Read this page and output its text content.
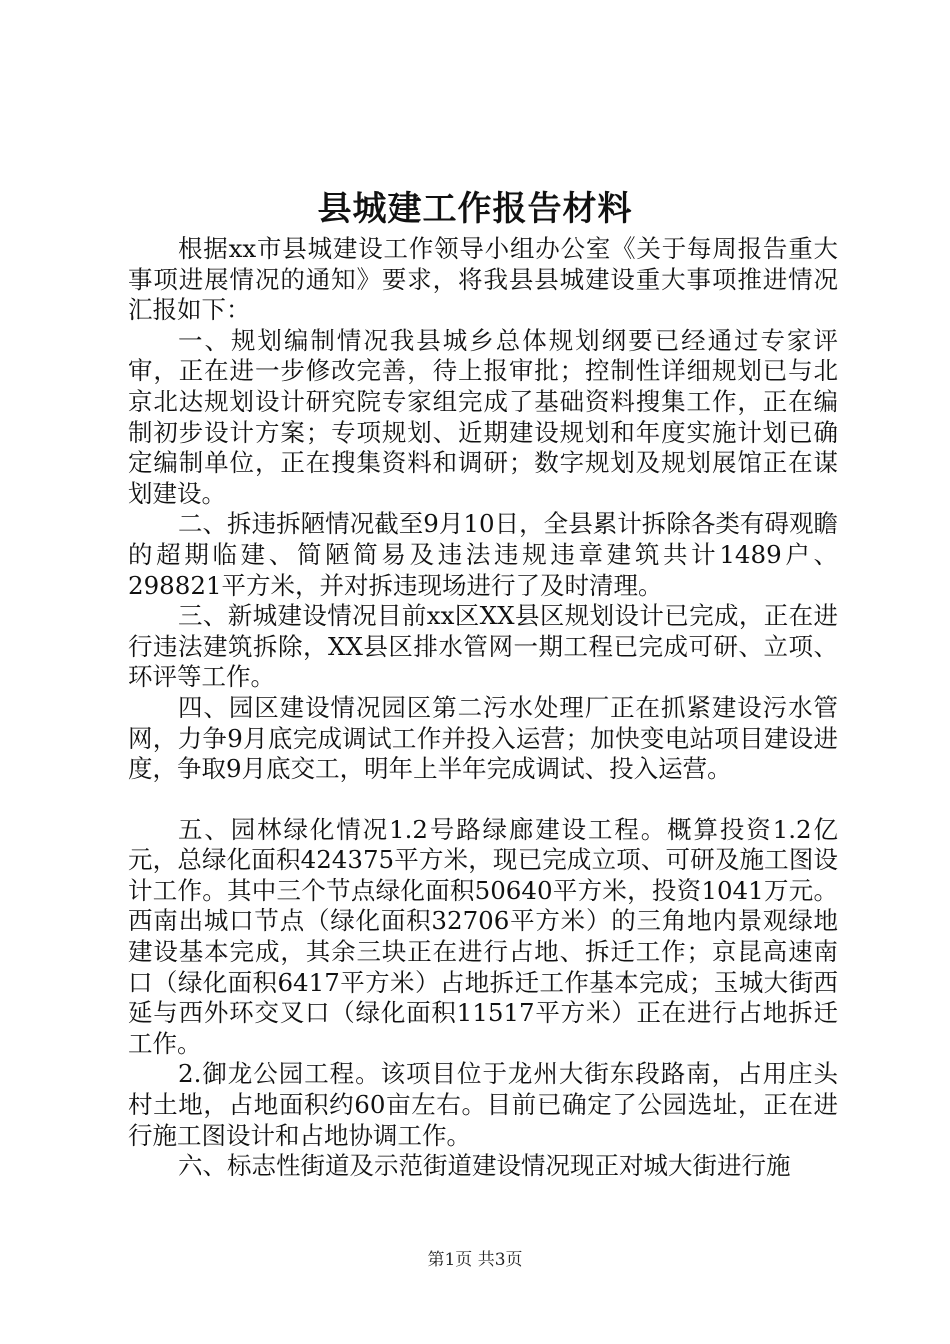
县城建工作报告材料

根据xx市县城建设工作领导小组办公室《关于每周报告重大事项进展情况的通知》要求，将我县县城建设重大事项推进情况汇报如下：

一、规划编制情况我县城乡总体规划纲要已经通过专家评审，正在进一步修改完善，待上报审批；控制性详细规划已与北京北达规划设计研究院专家组完成了基础资料搜集工作，正在编制初步设计方案；专项规划、近期建设规划和年度实施计划已确定编制单位，正在搜集资料和调研；数字规划及规划展馆正在谋划建设。

二、拆违拆陋情况截至9月10日，全县累计拆除各类有碍观瞻的超期临建、简陋简易及违法违规违章建筑共计1489户、298821平方米，并对拆违现场进行了及时清理。

三、新城建设情况目前xx区XX县区规划设计已完成，正在进行违法建筑拆除，XX县区排水管网一期工程已完成可研、立项、环评等工作。

四、园区建设情况园区第二污水处理厂正在抓紧建设污水管网，力争9月底完成调试工作并投入运营；加快变电站项目建设进度，争取9月底交工，明年上半年完成调试、投入运营。

五、园林绿化情况1.2号路绿廊建设工程。概算投资1.2亿元，总绿化面积424375平方米，现已完成立项、可研及施工图设计工作。其中三个节点绿化面积50640平方米，投资1041万元。西南出城口节点（绿化面积32706平方米）的三角地内景观绿地建设基本完成，其余三块正在进行占地、拆迁工作；京昆高速南口（绿化面积6417平方米）占地拆迁工作基本完成；玉城大街西延与西外环交叉口（绿化面积11517平方米）正在进行占地拆迁工作。

2.御龙公园工程。该项目位于龙州大街东段路南，占用庄头村土地，占地面积约60亩左右。目前已确定了公园选址，正在进行施工图设计和占地协调工作。

六、标志性街道及示范街道建设情况现正对城大街进行施

第1页 共3页
